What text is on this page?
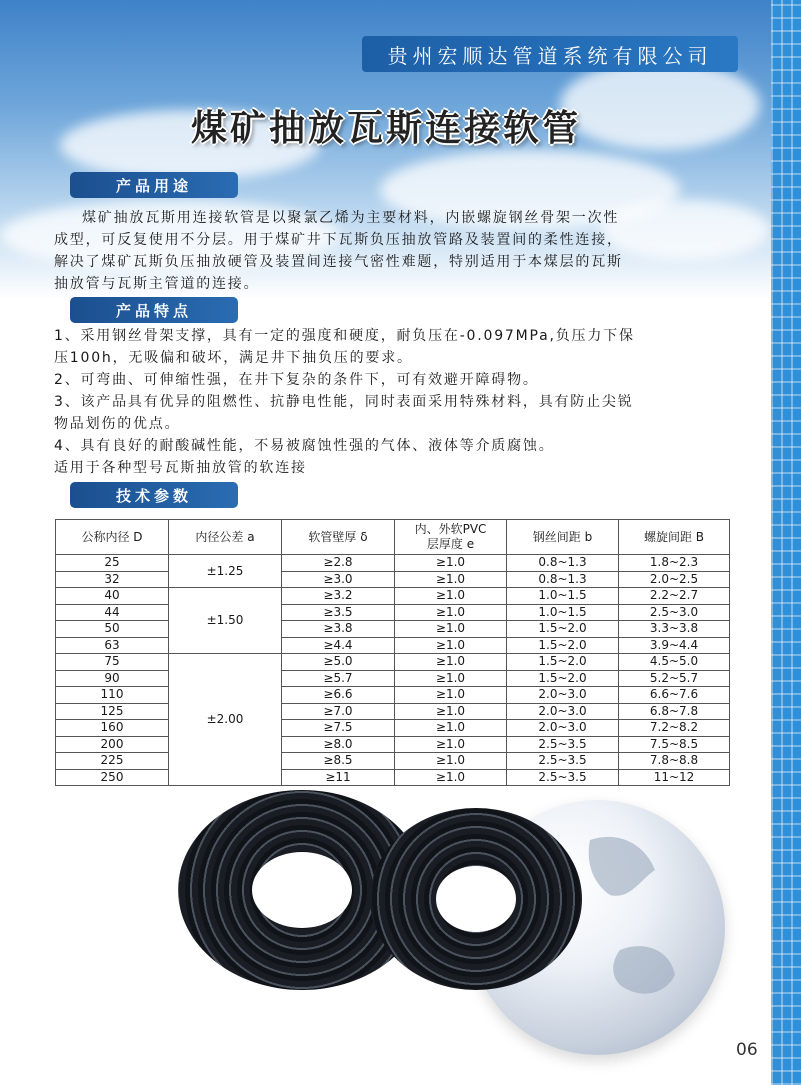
贵州宏顺达管道系统有限公司
煤矿抽放瓦斯连接软管
产品用途

煤矿抽放瓦斯用连接软管是以聚氯乙烯为主要材料，内嵌螺旋钢丝骨架一次性

成型，可反复使用不分层。用于煤矿井下瓦斯负压抽放管路及装置间的柔性连接，

解决了煤矿瓦斯负压抽放硬管及装置间连接气密性难题，特别适用于本煤层的瓦斯

抽放管与瓦斯主管道的连接。

产品特点

1、采用钢丝骨架支撑，具有一定的强度和硬度，耐负压在-0.097MPa,负压力下保

压100h，无吸偏和破坏，满足井下抽负压的要求。

2、可弯曲、可伸缩性强，在井下复杂的条件下，可有效避开障碍物。

3、该产品具有优异的阻燃性、抗静电性能，同时表面采用特殊材料，具有防止尖锐

物品划伤的优点。

4、具有良好的耐酸碱性能，不易被腐蚀性强的气体、液体等介质腐蚀。

适用于各种型号瓦斯抽放管的软连接

技术参数
公称内径 D	内径公差 a	软管壁厚 δ	内、外软PVC
层厚度 e	钢丝间距 b	螺旋间距 B
25	±1.25	≥2.8	≥1.0	0.8~1.3	1.8~2.3
32		≥3.0	≥1.0	0.8~1.3	2.0~2.5
40	±1.50	≥3.2	≥1.0	1.0~1.5	2.2~2.7
44		≥3.5	≥1.0	1.0~1.5	2.5~3.0
50		≥3.8	≥1.0	1.5~2.0	3.3~3.8
63		≥4.4	≥1.0	1.5~2.0	3.9~4.4
75	±2.00	≥5.0	≥1.0	1.5~2.0	4.5~5.0
90		≥5.7	≥1.0	1.5~2.0	5.2~5.7
110		≥6.6	≥1.0	2.0~3.0	6.6~7.6
125		≥7.0	≥1.0	2.0~3.0	6.8~7.8
160		≥7.5	≥1.0	2.0~3.0	7.2~8.2
200		≥8.0	≥1.0	2.5~3.5	7.5~8.5
225		≥8.5	≥1.0	2.5~3.5	7.8~8.8
250		≥11	≥1.0	2.5~3.5	11~12
06
